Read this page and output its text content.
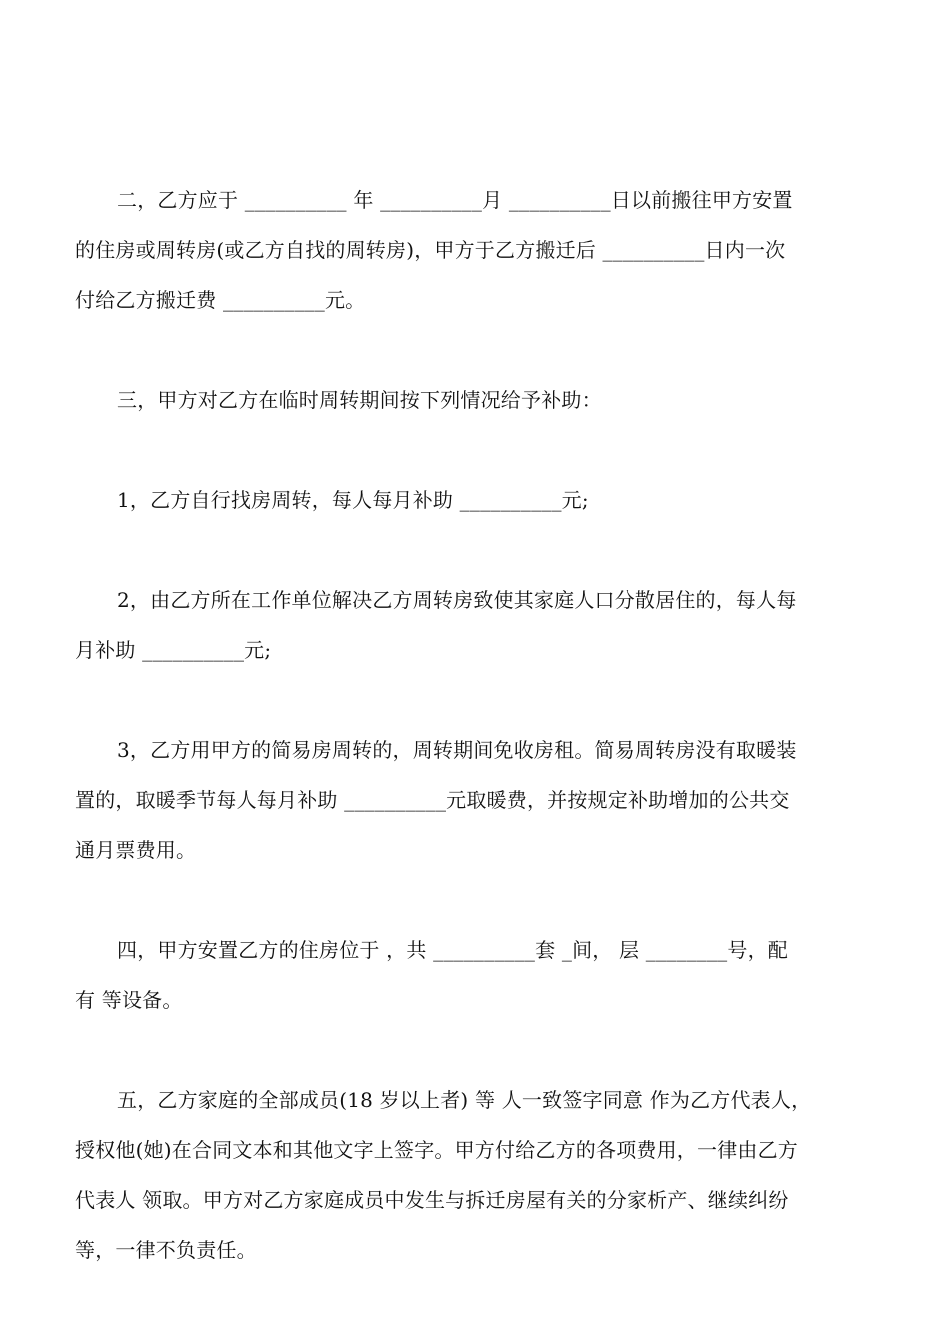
二，乙方应于 __________ 年 __________月 __________日以前搬往甲方安置
的住房或周转房(或乙方自找的周转房)，甲方于乙方搬迁后 __________日内一次
付给乙方搬迁费 __________元。
三，甲方对乙方在临时周转期间按下列情况给予补助：
1，乙方自行找房周转，每人每月补助 __________元;
2，由乙方所在工作单位解决乙方周转房致使其家庭人口分散居住的，每人每
月补助 __________元;
3，乙方用甲方的简易房周转的，周转期间免收房租。简易周转房没有取暖装
置的，取暖季节每人每月补助 __________元取暖费，并按规定补助增加的公共交
通月票费用。
四，甲方安置乙方的住房位于 ，共 __________套 _间， 层 ________号，配
有 等设备。
五，乙方家庭的全部成员(18 岁以上者) 等 人一致签字同意 作为乙方代表人，
授权他(她)在合同文本和其他文字上签字。甲方付给乙方的各项费用，一律由乙方
代表人 领取。甲方对乙方家庭成员中发生与拆迁房屋有关的分家析产、继续纠纷
等，一律不负责任。
